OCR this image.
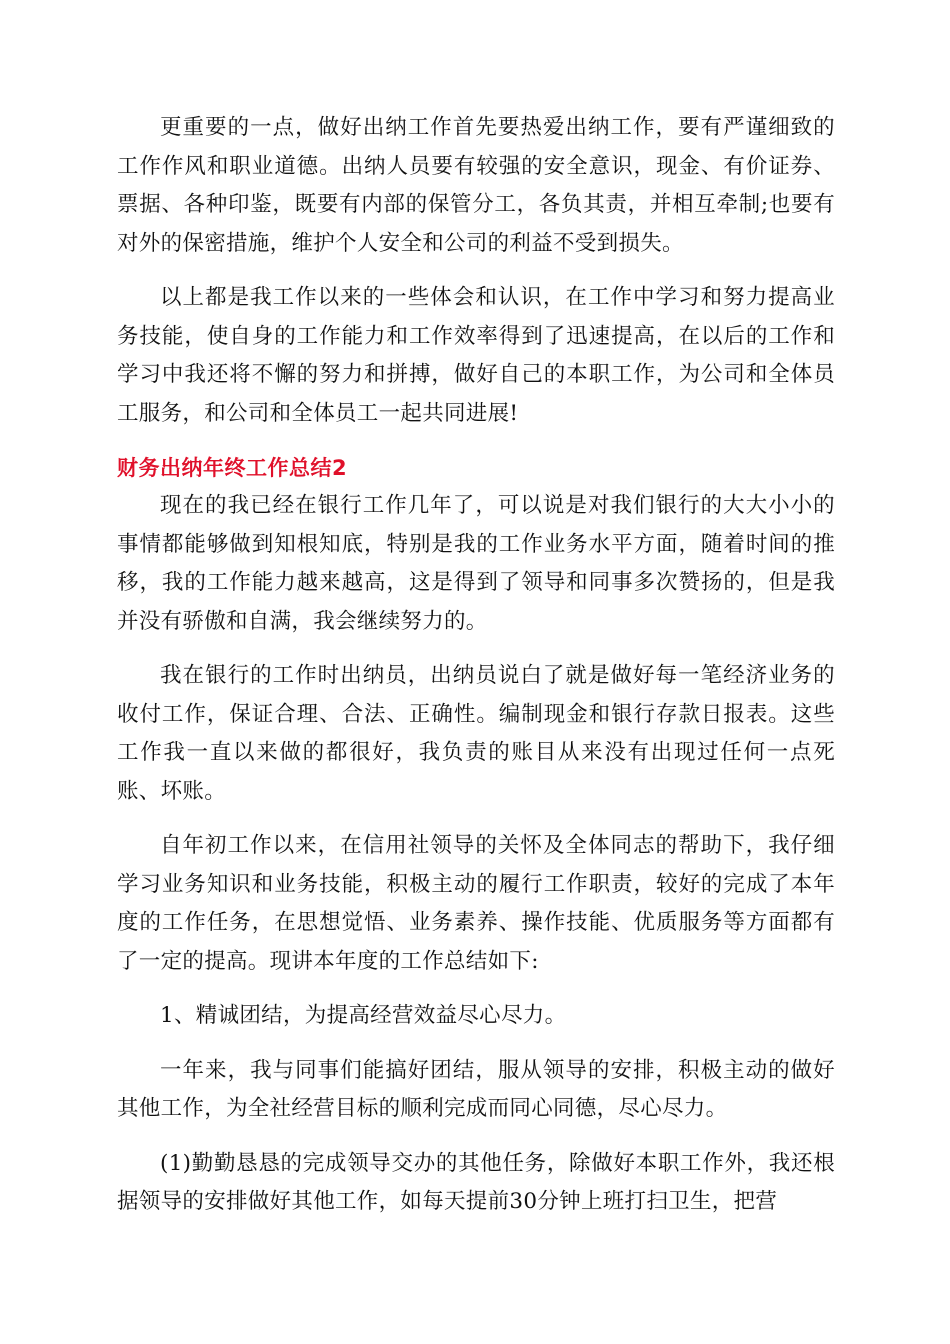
更重要的一点，做好出纳工作首先要热爱出纳工作，要有严谨细致的工作作风和职业道德。出纳人员要有较强的安全意识，现金、有价证券、票据、各种印鉴，既要有内部的保管分工，各负其责，并相互牵制;也要有对外的保密措施，维护个人安全和公司的利益不受到损失。

以上都是我工作以来的一些体会和认识，在工作中学习和努力提高业务技能，使自身的工作能力和工作效率得到了迅速提高，在以后的工作和学习中我还将不懈的努力和拼搏，做好自己的本职工作，为公司和全体员工服务，和公司和全体员工一起共同进展!

财务出纳年终工作总结2

现在的我已经在银行工作几年了，可以说是对我们银行的大大小小的事情都能够做到知根知底，特别是我的工作业务水平方面，随着时间的推移，我的工作能力越来越高，这是得到了领导和同事多次赞扬的，但是我并没有骄傲和自满，我会继续努力的。

我在银行的工作时出纳员，出纳员说白了就是做好每一笔经济业务的收付工作，保证合理、合法、正确性。编制现金和银行存款日报表。这些工作我一直以来做的都很好，我负责的账目从来没有出现过任何一点死账、坏账。

自年初工作以来，在信用社领导的关怀及全体同志的帮助下，我仔细学习业务知识和业务技能，积极主动的履行工作职责，较好的完成了本年度的工作任务，在思想觉悟、业务素养、操作技能、优质服务等方面都有了一定的提高。现讲本年度的工作总结如下:

1、精诚团结，为提高经营效益尽心尽力。

一年来，我与同事们能搞好团结，服从领导的安排，积极主动的做好其他工作，为全社经营目标的顺利完成而同心同德，尽心尽力。

(1)勤勤恳恳的完成领导交办的其他任务，除做好本职工作外，我还根据领导的安排做好其他工作，如每天提前30分钟上班打扫卫生，把营
